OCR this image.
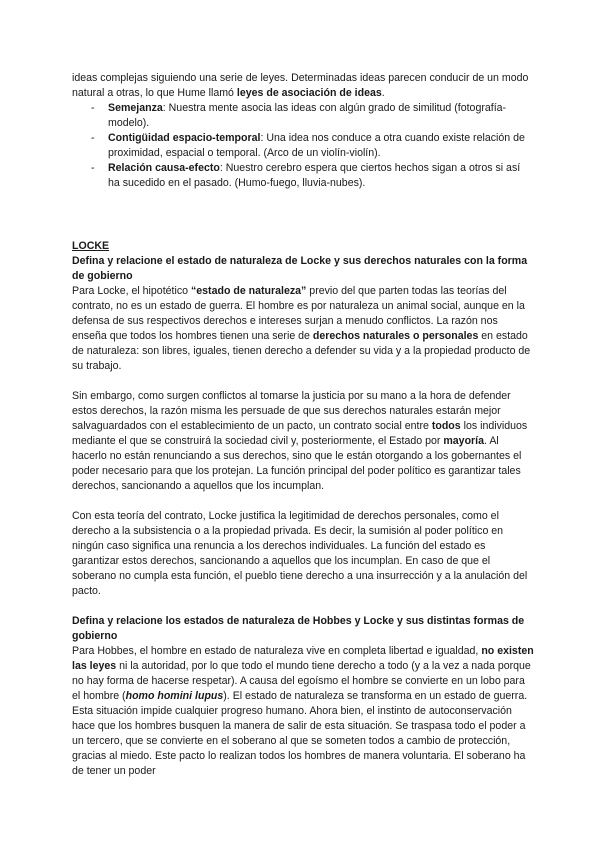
ideas complejas siguiendo una serie de leyes. Determinadas ideas parecen conducir de un modo natural a otras, lo que Hume llamó leyes de asociación de ideas.

- Semejanza: Nuestra mente asocia las ideas con algún grado de similitud (fotografía-modelo).
- Contigüidad espacio-temporal: Una idea nos conduce a otra cuando existe relación de proximidad, espacial o temporal. (Arco de un violín-violín).
- Relación causa-efecto: Nuestro cerebro espera que ciertos hechos sigan a otros si así ha sucedido en el pasado. (Humo-fuego, lluvia-nubes).

LOCKE

Defina y relacione el estado de naturaleza de Locke y sus derechos naturales con la forma de gobierno

Para Locke, el hipotético “estado de naturaleza” previo del que parten todas las teorías del contrato, no es un estado de guerra. El hombre es por naturaleza un animal social, aunque en la defensa de sus respectivos derechos e intereses surjan a menudo conflictos. La razón nos enseña que todos los hombres tienen una serie de derechos naturales o personales en estado de naturaleza: son libres, iguales, tienen derecho a defender su vida y a la propiedad producto de su trabajo.

Sin embargo, como surgen conflictos al tomarse la justicia por su mano a la hora de defender estos derechos, la razón misma les persuade de que sus derechos naturales estarán mejor salvaguardados con el establecimiento de un pacto, un contrato social entre todos los individuos mediante el que se construirá la sociedad civil y, posteriormente, el Estado por mayoría. Al hacerlo no están renunciando a sus derechos, sino que le están otorgando a los gobernantes el poder necesario para que los protejan. La función principal del poder político es garantizar tales derechos, sancionando a aquellos que los incumplan.

Con esta teoría del contrato, Locke justifica la legitimidad de derechos personales, como el derecho a la subsistencia o a la propiedad privada. Es decir, la sumisión al poder político en ningún caso significa una renuncia a los derechos individuales. La función del estado es garantizar estos derechos, sancionando a aquellos que los incumplan. En caso de que el soberano no cumpla esta función, el pueblo tiene derecho a una insurrección y a la anulación del pacto.

Defina y relacione los estados de naturaleza de Hobbes y Locke y sus distintas formas de gobierno

Para Hobbes, el hombre en estado de naturaleza vive en completa libertad e igualdad, no existen las leyes ni la autoridad, por lo que todo el mundo tiene derecho a todo (y a la vez a nada porque no hay forma de hacerse respetar). A causa del egoísmo el hombre se convierte en un lobo para el hombre (homo homini lupus). El estado de naturaleza se transforma en un estado de guerra. Esta situación impide cualquier progreso humano. Ahora bien, el instinto de autoconservación hace que los hombres busquen la manera de salir de esta situación. Se traspasa todo el poder a un tercero, que se convierte en el soberano al que se someten todos a cambio de protección, gracias al miedo. Este pacto lo realizan todos los hombres de manera voluntaria. El soberano ha de tener un poder
